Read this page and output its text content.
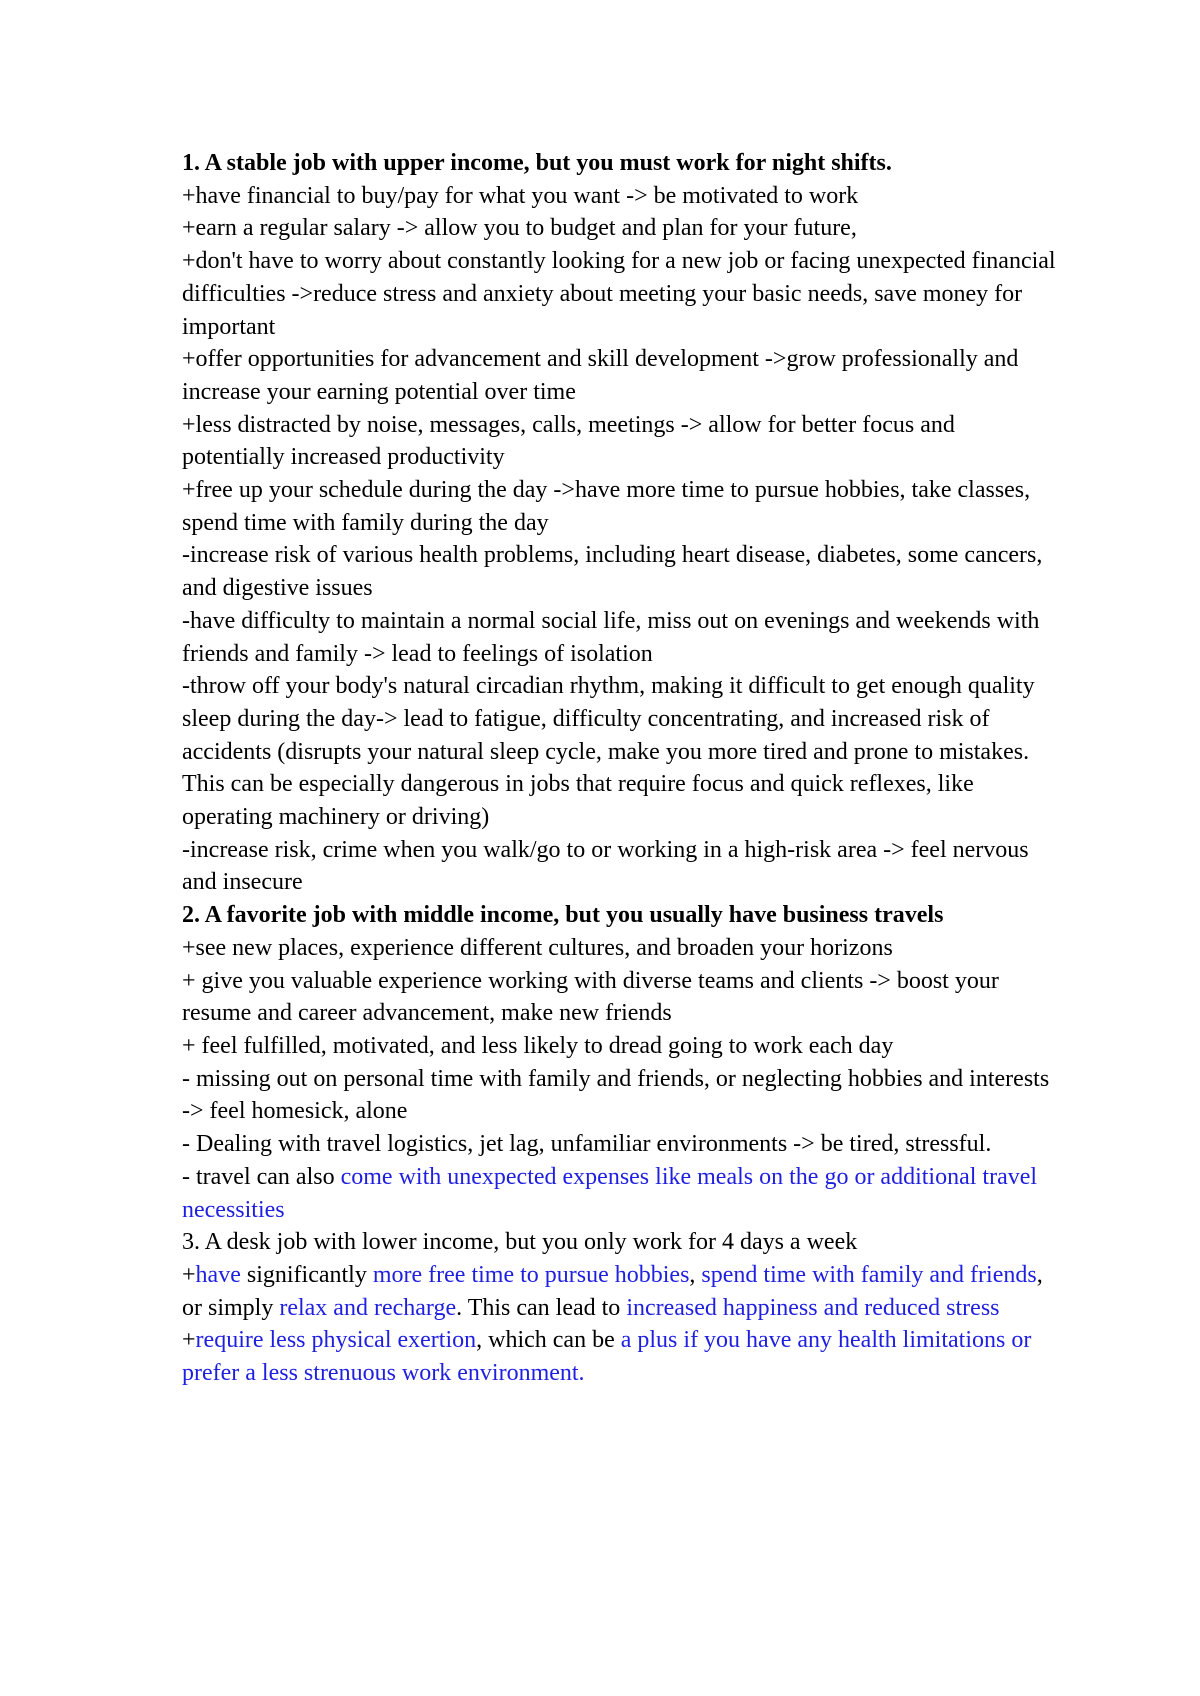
1. A stable job with upper income, but you must work for night shifts.

+have financial to buy/pay for what you want -> be motivated to work

+earn a regular salary -> allow you to budget and plan for your future,

+don't have to worry about constantly looking for a new job or facing unexpected financial difficulties ->reduce stress and anxiety about meeting your basic needs, save money for important

+offer opportunities for advancement and skill development ->grow professionally and increase your earning potential over time

+less distracted by noise, messages, calls, meetings -> allow for better focus and potentially increased productivity

+free up your schedule during the day ->have more time to pursue hobbies, take classes, spend time with family during the day

-increase risk of various health problems, including heart disease, diabetes, some cancers, and digestive issues

-have difficulty to maintain a normal social life, miss out on evenings and weekends with friends and family -> lead to feelings of isolation

-throw off your body's natural circadian rhythm, making it difficult to get enough quality sleep during the day-> lead to fatigue, difficulty concentrating, and increased risk of accidents (disrupts your natural sleep cycle, make you more tired and prone to mistakes. This can be especially dangerous in jobs that require focus and quick reflexes, like operating machinery or driving)

-increase risk, crime when you walk/go to or working in a high-risk area -> feel nervous and insecure

2. A favorite job with middle income, but you usually have business travels

+see new places, experience different cultures, and broaden your horizons

+ give you valuable experience working with diverse teams and clients -> boost your resume and career advancement, make new friends

+ feel fulfilled, motivated, and less likely to dread going to work each day

- missing out on personal time with family and friends, or neglecting hobbies and interests -> feel homesick, alone

- Dealing with travel logistics, jet lag, unfamiliar environments -> be tired, stressful.

- travel can also come with unexpected expenses like meals on the go or additional travel necessities

3. A desk job with lower income, but you only work for 4 days a week

+have significantly more free time to pursue hobbies, spend time with family and friends, or simply relax and recharge. This can lead to increased happiness and reduced stress

+require less physical exertion, which can be a plus if you have any health limitations or prefer a less strenuous work environment.
